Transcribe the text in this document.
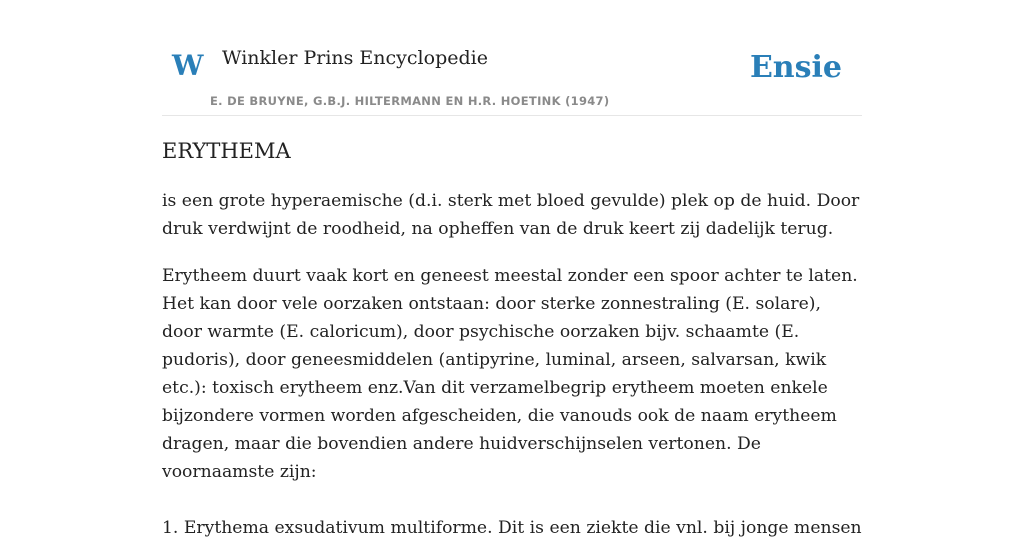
W Winkler Prins Encyclopedie
E. DE BRUYNE, G.B.J. HILTERMANN EN H.R. HOETINK (1947)
Ensie
ERYTHEMA

is een grote hyperaemische (d.i. sterk met bloed gevulde) plek op de huid. Door druk verdwijnt de roodheid, na opheffen van de druk keert zij dadelijk terug.

Erytheem duurt vaak kort en geneest meestal zonder een spoor achter te laten. Het kan door vele oorzaken ontstaan: door sterke zonnestraling (E. solare), door warmte (E. caloricum), door psychische oorzaken bijv. schaamte (E. pudoris), door geneesmiddelen (antipyrine, luminal, arseen, salvarsan, kwik etc.): toxisch erytheem enz.Van dit verzamelbegrip erytheem moeten enkele bijzondere vormen worden afgescheiden, die vanouds ook de naam erytheem dragen, maar die bovendien andere huidverschijnselen vertonen. De voornaamste zijn:

1. Erythema exsudativum multiforme. Dit is een ziekte die vnl. bij jonge mensen
